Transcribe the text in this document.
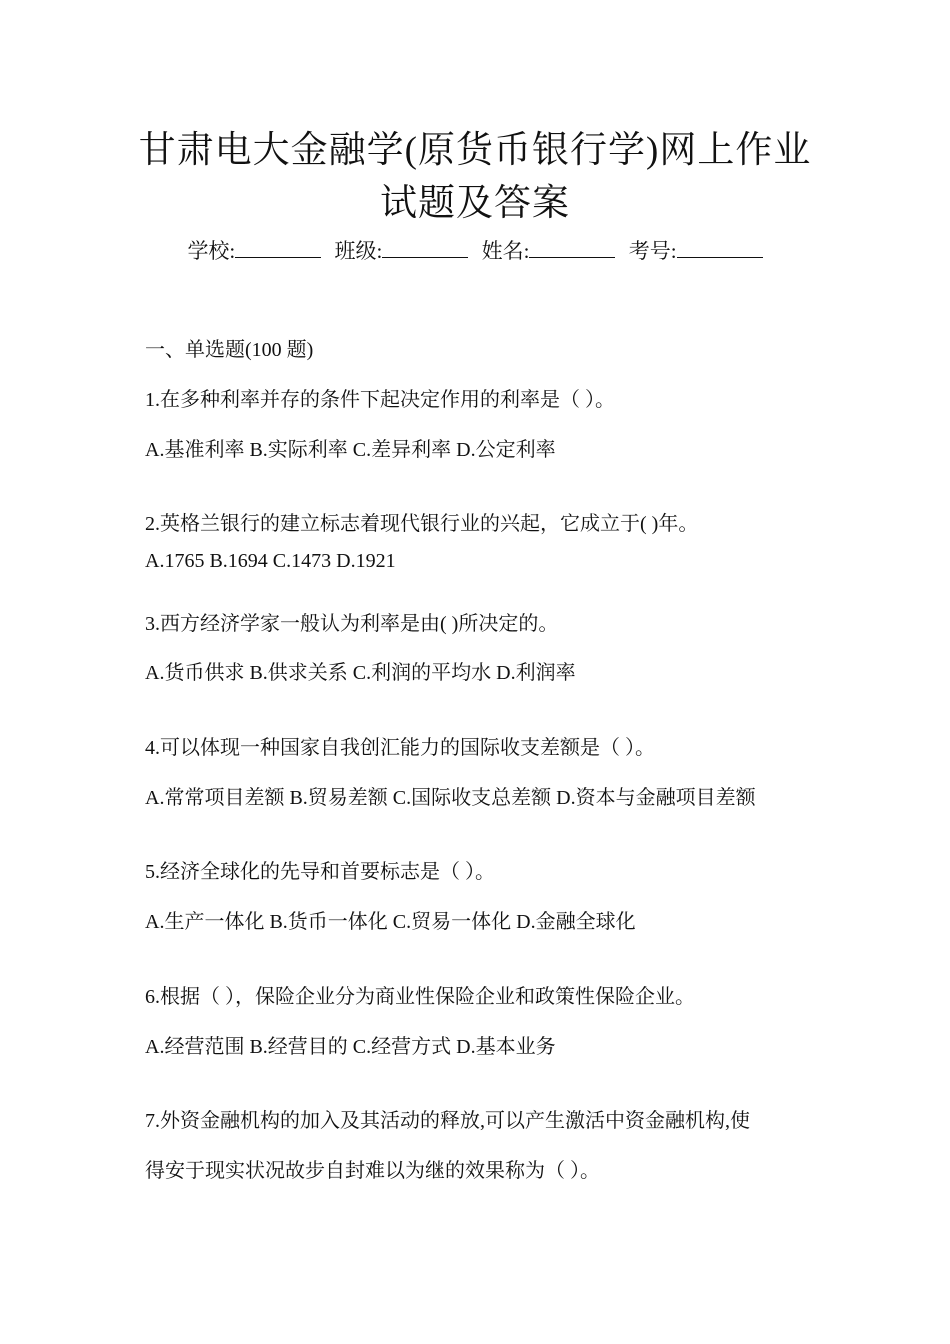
甘肃电大金融学(原货币银行学)网上作业
试题及答案
学校:	班级:	姓名:	考号:
一、单选题(100 题)
1.在多种利率并存的条件下起决定作用的利率是（ ）。
A.基准利率 B.实际利率 C.差异利率 D.公定利率
2.英格兰银行的建立标志着现代银行业的兴起，它成立于( )年。
A.1765 B.1694 C.1473 D.1921
3.西方经济学家一般认为利率是由( )所决定的。
A.货币供求 B.供求关系 C.利润的平均水 D.利润率
4.可以体现一种国家自我创汇能力的国际收支差额是（ ）。
A.常常项目差额 B.贸易差额 C.国际收支总差额 D.资本与金融项目差额
5.经济全球化的先导和首要标志是（ ）。
A.生产一体化 B.货币一体化 C.贸易一体化 D.金融全球化
6.根据（ ），保险企业分为商业性保险企业和政策性保险企业。
A.经营范围 B.经营目的 C.经营方式 D.基本业务
7.外资金融机构的加入及其活动的释放,可以产生激活中资金融机构,使
得安于现实状况故步自封难以为继的效果称为（ ）。
